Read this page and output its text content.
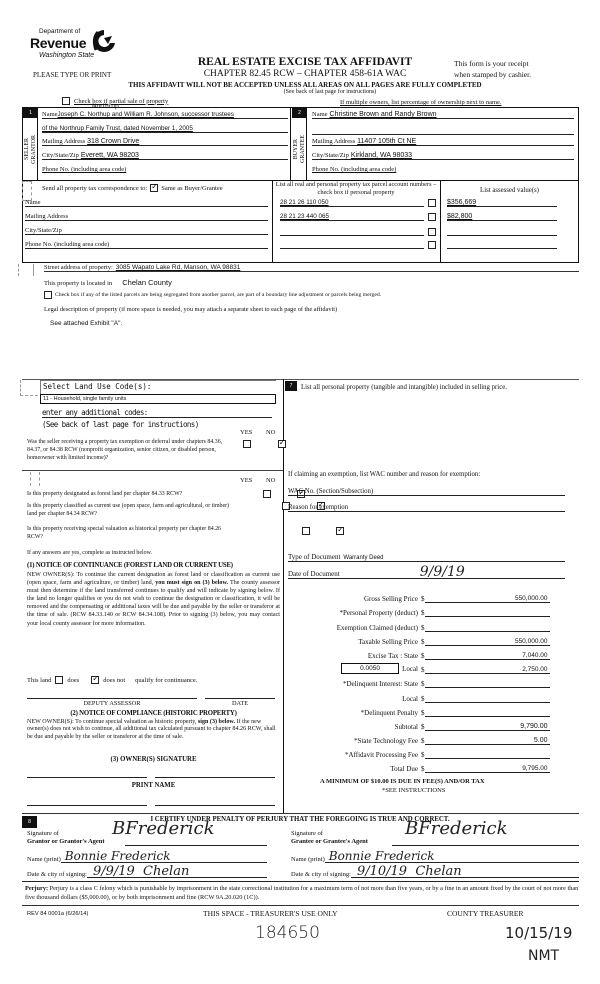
Department of
Revenue
Washington State
REAL ESTATE EXCISE TAX AFFIDAVIT
CHAPTER 82.45 RCW – CHAPTER 458-61A WAC
PLEASE TYPE OR PRINT
This form is your receipt
when stamped by cashier.
THIS AFFIDAVIT WILL NOT BE ACCEPTED UNLESS ALL AREAS ON ALL PAGES ARE FULLY COMPLETED
(See back of last page for instructions)
Check box if partial sale of property	If multiple owners, list percentage of ownership next to name.
1
SELLER GRANTOR
Northrup
Name Joseph C. Northup and William R. Johnson, successor trustees
of the Northrup Family Trust, dated November 1, 2005
Mailing Address 318 Crown Drive
City/State/Zip Everett, WA 98203
Phone No. (including area code)
2
BUYER GRANTEE
Name Christine Brown and Randy Brown
Mailing Address 11407 105th Ct NE
City/State/Zip Kirkland, WA 98033
Phone No. (including area code)
Send all property tax correspondence to: ✓ Same as Buyer/Grantee
Name
Mailing Address
City/State/Zip
Phone No. (including area code)
List all real and personal property tax parcel account numbers – check box if personal property	List assessed value(s)
28 21 26 110 050	$356,669
28 21 23 440 065	$82,800
Street address of property: 3085 Wapato Lake Rd, Manson, WA 98831
This property is located in Chelan County
Check box if any of the listed parcels are being segregated from another parcel, are part of a boundary line adjustment or parcels being merged.
Legal description of property (if more space is needed, you may attach a separate sheet to each page of the affidavit)
See attached Exhibit "A".
Select Land Use Code(s):
11 - Household, single family units
enter any additional codes:
(See back of last page for instructions)
YES NO
Was the seller receiving a property tax exemption or deferral under chapters 84.36, 84.37, or 84.38 RCW (nonprofit organization, senior citizen, or disabled person, homeowner with limited income)?
✓
YES NO
Is this property designated as forest land per chapter 84.33 RCW?
✓
Is this property classified as current use (open space, farm and agricultural, or timber) land per chapter 84.34 RCW?
✓
Is this property receiving special valuation as historical property per chapter 84.26 RCW?
✓
If any answers are yes, complete as instructed below.
(1) NOTICE OF CONTINUANCE (FOREST LAND OR CURRENT USE)
NEW OWNER(S): To continue the current designation as forest land or classification as current use (open space, farm and agriculture, or timber) land, you must sign on (3) below. The county assessor must then determine if the land transferred continues to qualify and will indicate by signing below. If the land no longer qualifies or you do not wish to continue the designation or classification, it will be removed and the compensating or additional taxes will be due and payable by the seller or transferor at the time of sale. (RCW 84.33.140 or RCW 84.34.108). Prior to signing (3) below, you may contact your local county assessor for more information.
This land does ✓	does not qualify for continuance.
DEPUTY ASSESSOR	DATE
(2) NOTICE OF COMPLIANCE (HISTORIC PROPERTY)
NEW OWNER(S): To continue special valuation as historic property, sign (3) below. If the new owner(s) does not wish to continue, all additional tax calculated pursuant to chapter 84.26 RCW, shall be due and payable by the seller or transferor at the time of sale.
(3) OWNER(S) SIGNATURE
PRINT NAME
7	List all personal property (tangible and intangible) included in selling price.
If claiming an exemption, list WAC number and reason for exemption:
WAC No. (Section/Subsection)
Reason for exemption
Type of Document Warranty Deed
Date of Document	9/9/19
Gross Selling Price $	550,000.00
*Personal Property (deduct) $
Exemption Claimed (deduct) $
Taxable Selling Price $	550,000.00
Excise Tax : State $	7,040.00
0.0050	Local $	2,750.00
*Delinquent Interest: State $
Local $
*Delinquent Penalty $
Subtotal $	9,790.00
*State Technology Fee $	5.00
*Affidavit Processing Fee $
Total Due $	9,795.00
A MINIMUM OF $10.00 IS DUE IN FEE(S) AND/OR TAX
*SEE INSTRUCTIONS
8	I CERTIFY UNDER PENALTY OF PERJURY THAT THE FOREGOING IS TRUE AND CORRECT.
Signature of
Grantor or Grantor's Agent
BFrederick
Name (print) Bonnie Frederick
Date & city of signing: 9/9/19  Chelan
Signature of
Grantee or Grantee's Agent
BFrederick
Name (print) Bonnie Frederick
Date & city of signing: 9/10/19  Chelan
Perjury: Perjury is a class C felony which is punishable by imprisonment in the state correctional institution for a maximum term of not more than five years, or by a fine in an amount fixed by the court of not more than five thousand dollars ($5,000.00), or by both imprisonment and fine (RCW 9A.20.020 (1C)).
REV 84 0001a (6/26/14)	THIS SPACE - TREASURER'S USE ONLY	COUNTY TREASURER
184650	10/15/19
NMT
